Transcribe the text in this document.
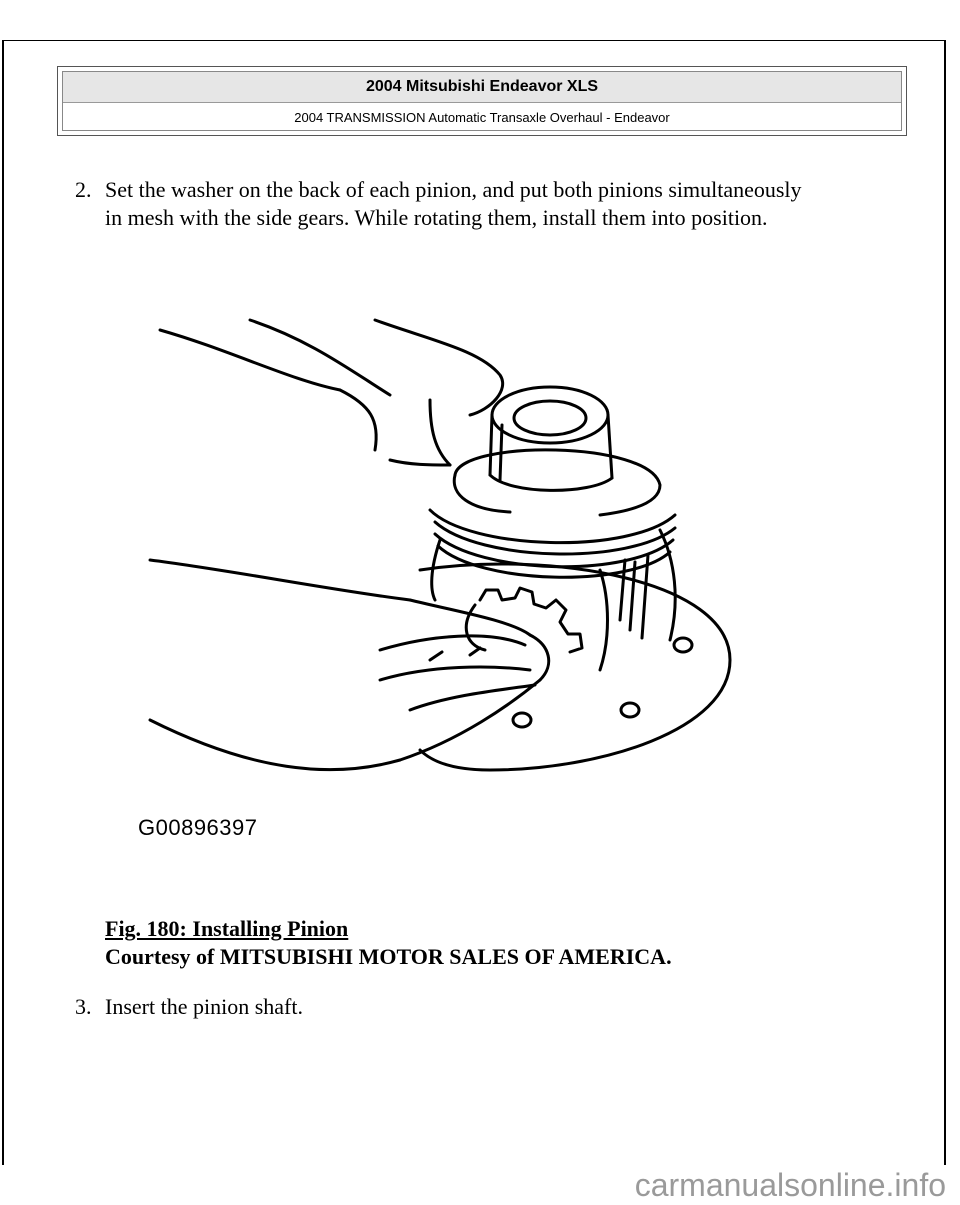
2004 Mitsubishi Endeavor XLS
2004 TRANSMISSION Automatic Transaxle Overhaul - Endeavor
2. Set the washer on the back of each pinion, and put both pinions simultaneously
in mesh with the side gears. While rotating them, install them into position.
G00896397
Fig. 180: Installing Pinion
Courtesy of MITSUBISHI MOTOR SALES OF AMERICA.
3. Insert the pinion shaft.
carmanualsonline.info
